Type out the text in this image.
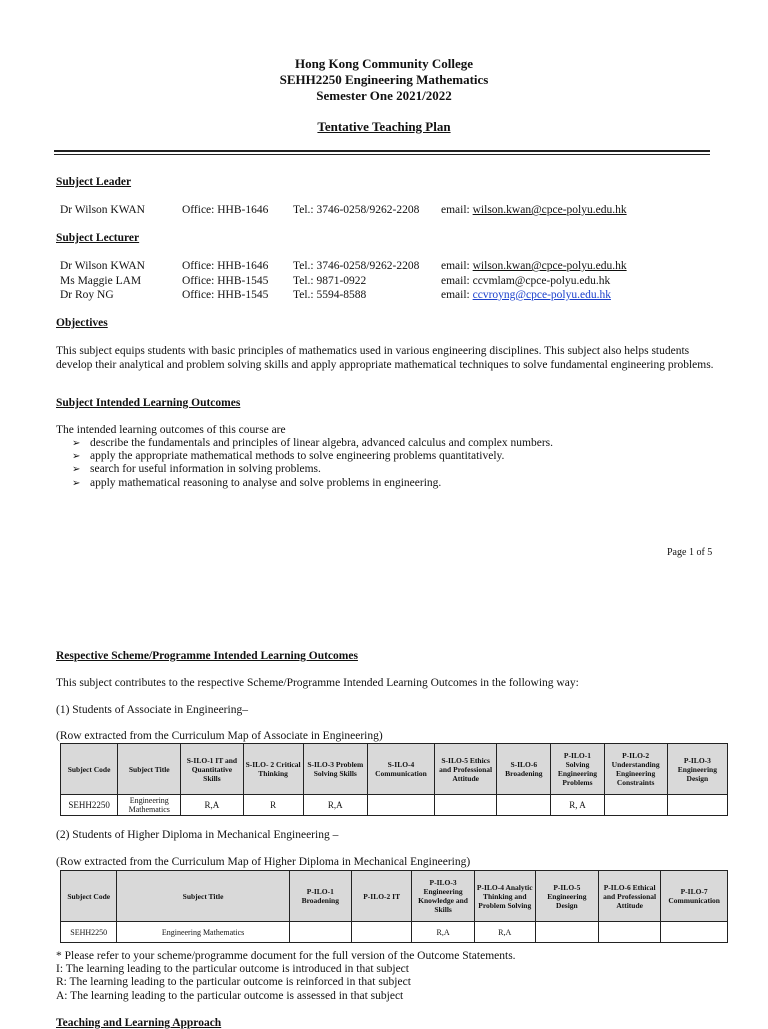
Hong Kong Community College
SEHH2250 Engineering Mathematics
Semester One 2021/2022
Tentative Teaching Plan
Subject Leader
Dr Wilson KWAN	Office: HHB-1646 Tel.: 3746-0258/9262-2208 email: wilson.kwan@cpce-polyu.edu.hk
Subject Lecturer
Dr Wilson KWAN	Office: HHB-1646 Tel.: 3746-0258/9262-2208 email: wilson.kwan@cpce-polyu.edu.hk
Ms Maggie LAM	Office: HHB-1545 Tel.: 9871-0922	email: ccvmlam@cpce-polyu.edu.hk
Dr Roy NG	Office: HHB-1545 Tel.: 5594-8588	email: ccvroyng@cpce-polyu.edu.hk
Objectives
This subject equips students with basic principles of mathematics used in various engineering disciplines. This subject also helps students develop their analytical and problem solving skills and apply appropriate mathematical techniques to solve fundamental engineering problems.
Subject Intended Learning Outcomes
The intended learning outcomes of this course are
➢ describe the fundamentals and principles of linear algebra, advanced calculus and complex numbers.
➢ apply the appropriate mathematical methods to solve engineering problems quantitatively.
➢ search for useful information in solving problems.
➢ apply mathematical reasoning to analyse and solve problems in engineering.
Page 1 of 5
Respective Scheme/Programme Intended Learning Outcomes
This subject contributes to the respective Scheme/Programme Intended Learning Outcomes in the following way:
(1) Students of Associate in Engineering–
(Row extracted from the Curriculum Map of Associate in Engineering)
Subject Code	Subject Title	S-ILO-1 IT and Quantitative Skills	S-ILO- 2 Critical Thinking	S-ILO-3 Problem Solving Skills	S-ILO-4 Communication	S-ILO-5 Ethics and Professional Attitude	S-ILO-6 Broadening	P-ILO-1 Solving Engineering Problems	P-ILO-2 Understanding Engineering Constraints	P-ILO-3 Engineering Design
SEHH2250	Engineering Mathematics	R,A	R	R,A				R, A		
(2) Students of Higher Diploma in Mechanical Engineering –
(Row extracted from the Curriculum Map of Higher Diploma in Mechanical Engineering)
Subject Code	Subject Title	P-ILO-1 Broadening	P-ILO-2 IT	P-ILO-3 Engineering Knowledge and Skills	P-ILO-4 Analytic Thinking and Problem Solving	P-ILO-5 Engineering Design	P-ILO-6 Ethical and Professional Attitude	P-ILO-7 Communication
SEHH2250	Engineering Mathematics			R,A	R,A			
* Please refer to your scheme/programme document for the full version of the Outcome Statements.
I: The learning leading to the particular outcome is introduced in that subject
R: The learning leading to the particular outcome is reinforced in that subject
A: The learning leading to the particular outcome is assessed in that subject
Teaching and Learning Approach
